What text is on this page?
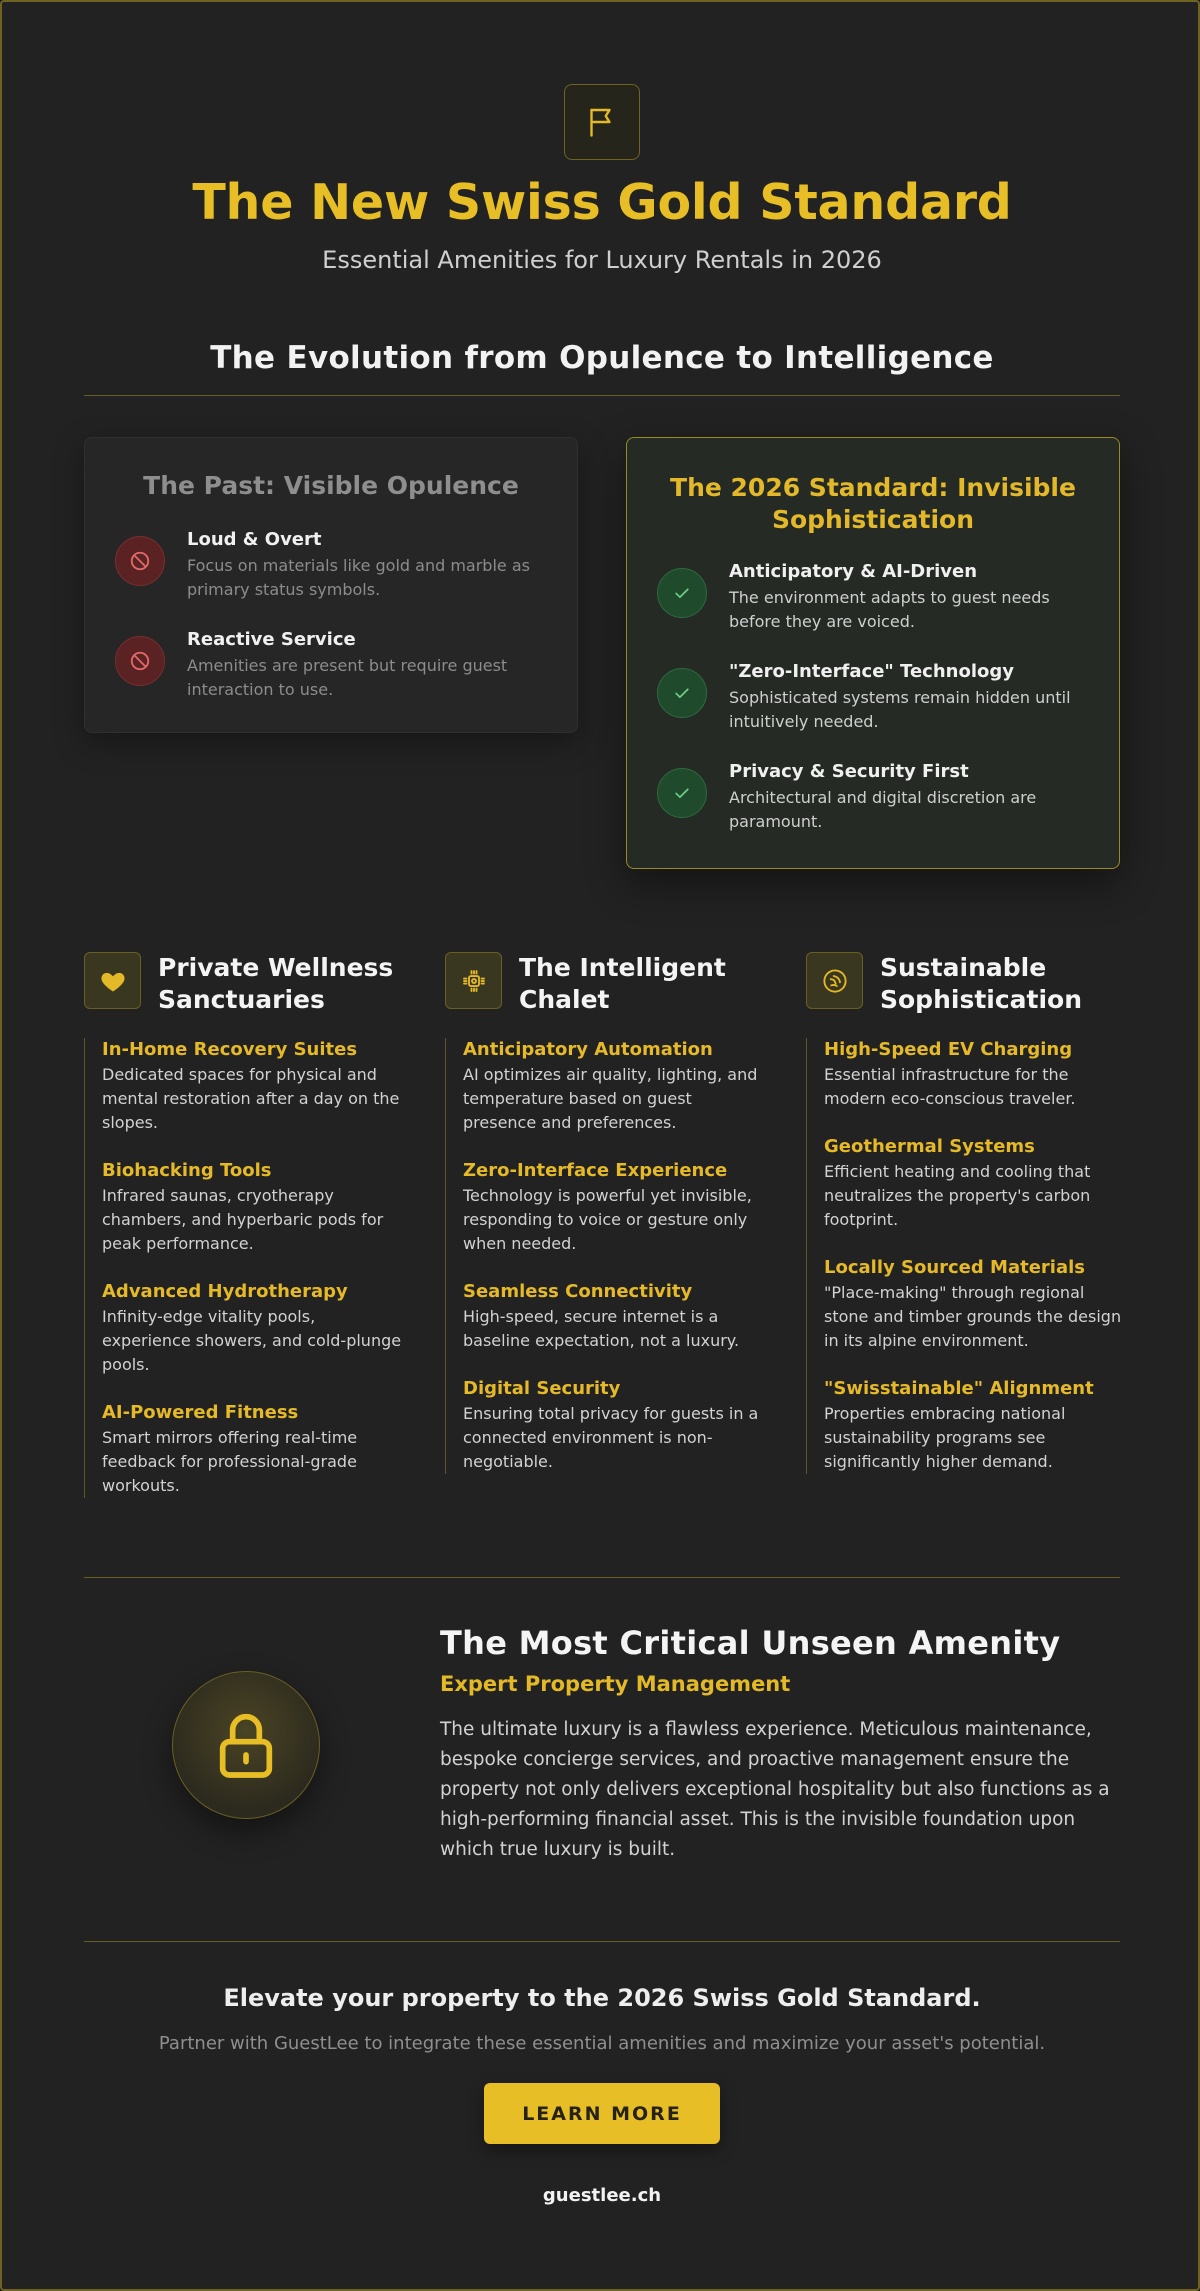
The New Swiss Gold Standard
Essential Amenities for Luxury Rentals in 2026
The Evolution from Opulence to Intelligence
The Past: Visible Opulence
Loud & Overt
Focus on materials like gold and marble as primary status symbols.
Reactive Service
Amenities are present but require guest interaction to use.
The 2026 Standard: Invisible Sophistication
Anticipatory & AI-Driven
The environment adapts to guest needs before they are voiced.
"Zero-Interface" Technology
Sophisticated systems remain hidden until intuitively needed.
Privacy & Security First
Architectural and digital discretion are paramount.
Private Wellness Sanctuaries
In-Home Recovery Suites
Dedicated spaces for physical and mental restoration after a day on the slopes.
Biohacking Tools
Infrared saunas, cryotherapy chambers, and hyperbaric pods for peak performance.
Advanced Hydrotherapy
Infinity-edge vitality pools, experience showers, and cold-plunge pools.
AI-Powered Fitness
Smart mirrors offering real-time feedback for professional-grade workouts.
The Intelligent Chalet
Anticipatory Automation
AI optimizes air quality, lighting, and temperature based on guest presence and preferences.
Zero-Interface Experience
Technology is powerful yet invisible, responding to voice or gesture only when needed.
Seamless Connectivity
High-speed, secure internet is a baseline expectation, not a luxury.
Digital Security
Ensuring total privacy for guests in a connected environment is non-negotiable.
Sustainable Sophistication
High-Speed EV Charging
Essential infrastructure for the modern eco-conscious traveler.
Geothermal Systems
Efficient heating and cooling that neutralizes the property's carbon footprint.
Locally Sourced Materials
"Place-making" through regional stone and timber grounds the design in its alpine environment.
"Swisstainable" Alignment
Properties embracing national sustainability programs see significantly higher demand.
The Most Critical Unseen Amenity
Expert Property Management

The ultimate luxury is a flawless experience. Meticulous maintenance, bespoke concierge services, and proactive management ensure the property not only delivers exceptional hospitality but also functions as a high-performing financial asset. This is the invisible foundation upon which true luxury is built.

Elevate your property to the 2026 Swiss Gold Standard.
Partner with GuestLee to integrate these essential amenities and maximize your asset's potential.
LEARN MORE
guestlee.ch
